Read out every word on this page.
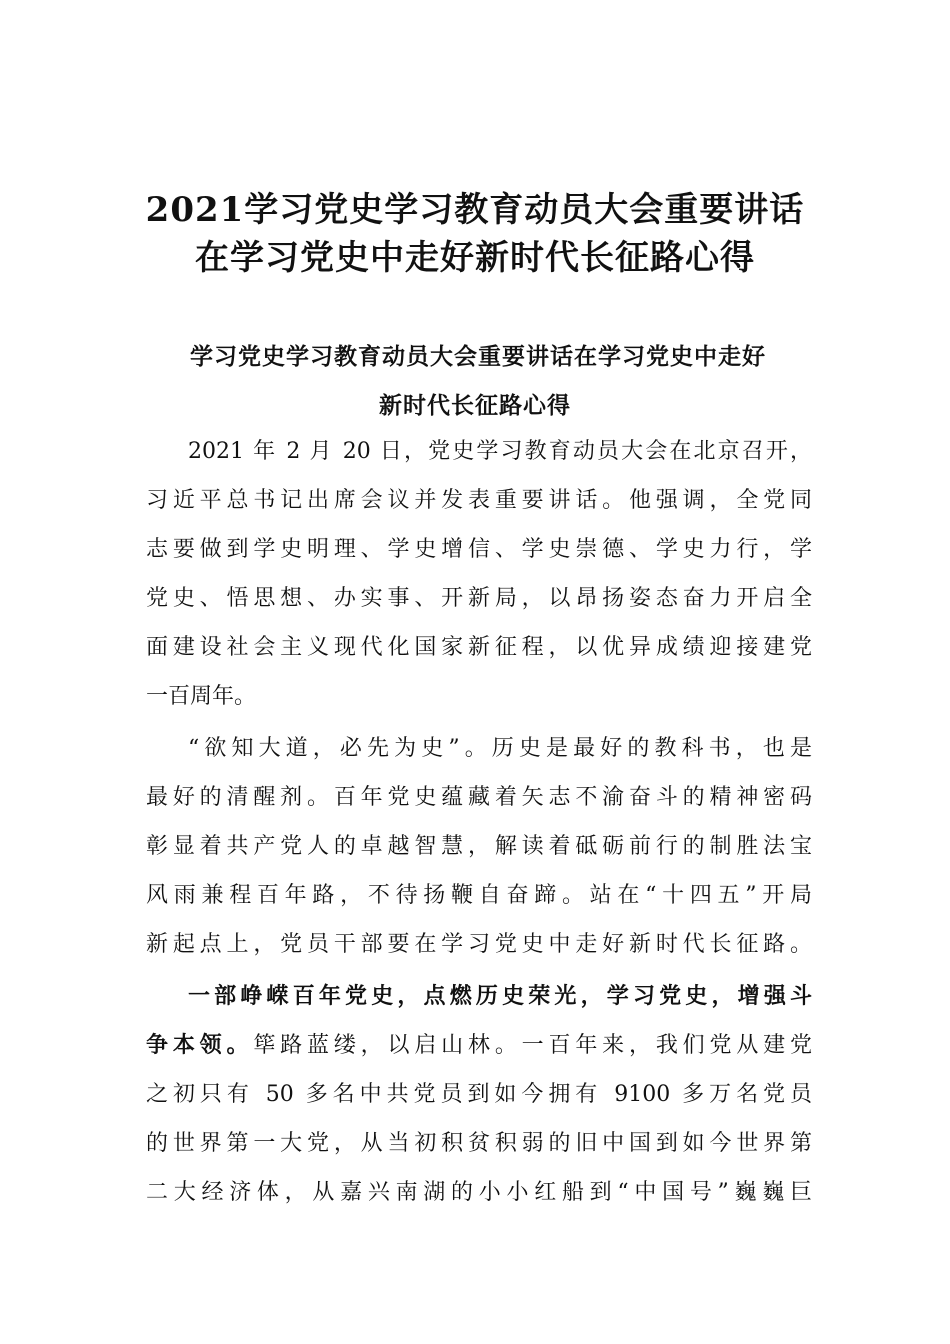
2021学习党史学习教育动员大会重要讲话
在学习党史中走好新时代长征路心得
学习党史学习教育动员大会重要讲话在学习党史中走好
新时代长征路心得

2021 年 2 月 20 日，党史学习教育动员大会在北京召开，

习近平总书记出席会议并发表重要讲话。他强调，全党同

志要做到学史明理、学史增信、学史崇德、学史力行，学

党史、悟思想、办实事、开新局，以昂扬姿态奋力开启全

面建设社会主义现代化国家新征程，以优异成绩迎接建党

一百周年。

“欲知大道，必先为史”。历史是最好的教科书，也是

最好的清醒剂。百年党史蕴藏着矢志不渝奋斗的精神密码

彰显着共产党人的卓越智慧，解读着砥砺前行的制胜法宝

风雨兼程百年路，不待扬鞭自奋蹄。站在“十四五”开局

新起点上，党员干部要在学习党史中走好新时代长征路。

一部峥嵘百年党史，点燃历史荣光，学习党史，增强斗

争本领。筚路蓝缕，以启山林。一百年来，我们党从建党

之初只有 50 多名中共党员到如今拥有 9100 多万名党员

的世界第一大党，从当初积贫积弱的旧中国到如今世界第

二大经济体，从嘉兴南湖的小小红船到“中国号”巍巍巨
